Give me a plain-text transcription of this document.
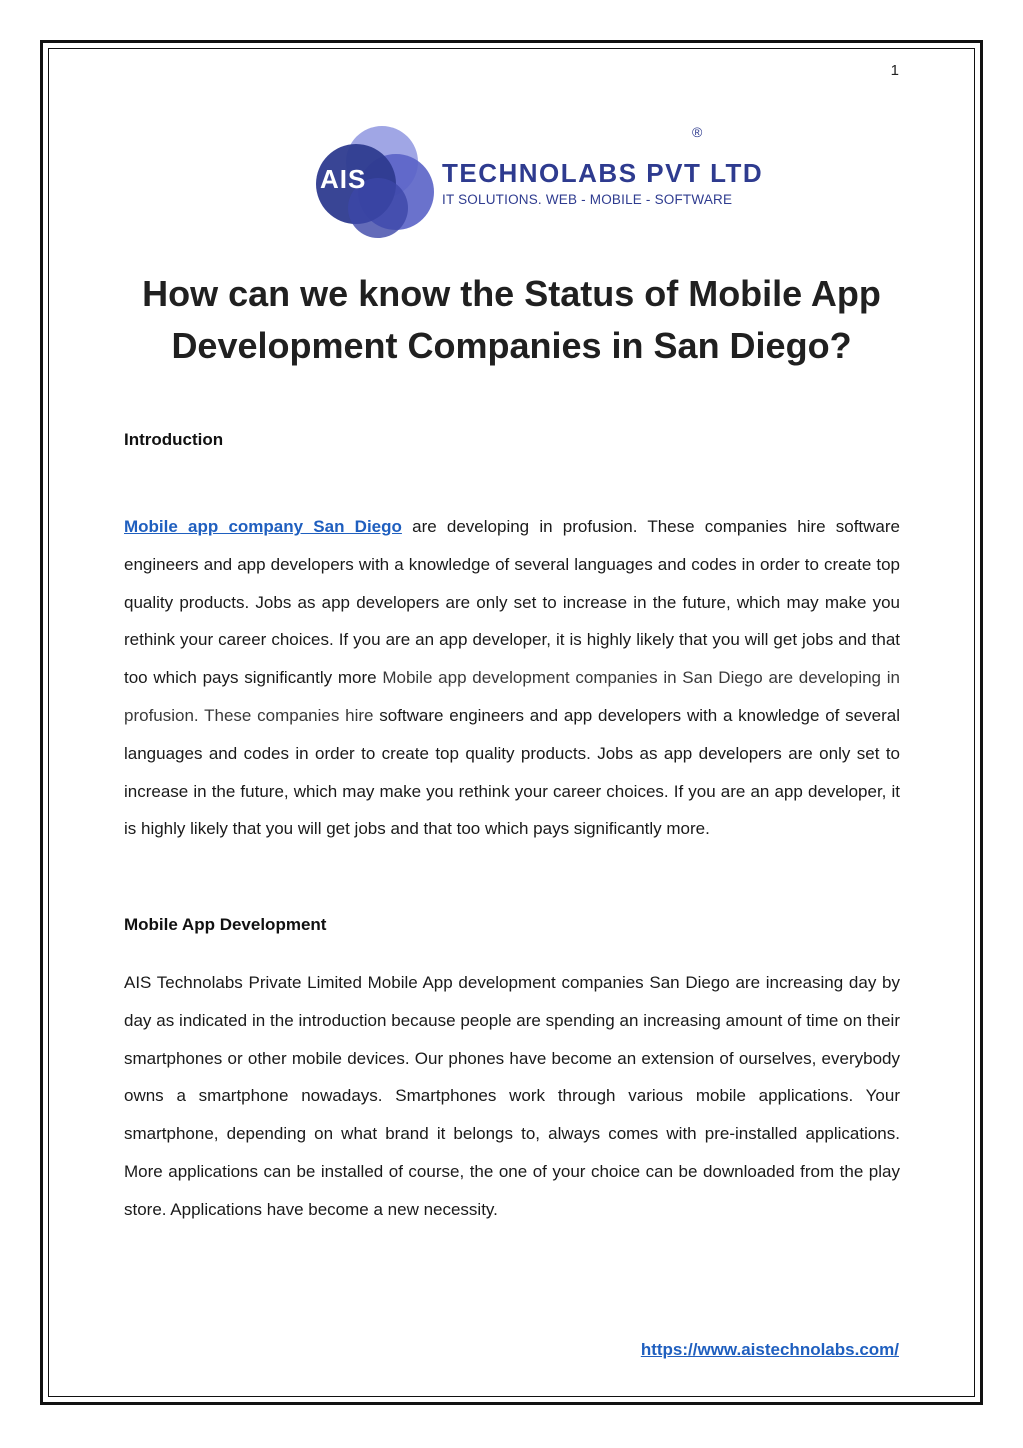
1
AIS	TECHNOLABS PVT LTD
IT SOLUTIONS. WEB - MOBILE - SOFTWARE
®
How can we know the Status of Mobile App Development Companies in San Diego?
Introduction

Mobile app company San Diego are developing in profusion. These companies hire software engineers and app developers with a knowledge of several languages and codes in order to create top quality products. Jobs as app developers are only set to increase in the future, which may make you rethink your career choices. If you are an app developer, it is highly likely that you will get jobs and that too which pays significantly more Mobile app development companies in San Diego are developing in profusion. These companies hire software engineers and app developers with a knowledge of several languages and codes in order to create top quality products. Jobs as app developers are only set to increase in the future, which may make you rethink your career choices. If you are an app developer, it is highly likely that you will get jobs and that too which pays significantly more.

Mobile App Development

AIS Technolabs Private Limited Mobile App development companies San Diego are increasing day by day as indicated in the introduction because people are spending an increasing amount of time on their smartphones or other mobile devices. Our phones have become an extension of ourselves, everybody owns a smartphone nowadays. Smartphones work through various mobile applications. Your smartphone, depending on what brand it belongs to, always comes with pre-installed applications. More applications can be installed of course, the one of your choice can be downloaded from the play store. Applications have become a new necessity.

https://www.aistechnolabs.com/
